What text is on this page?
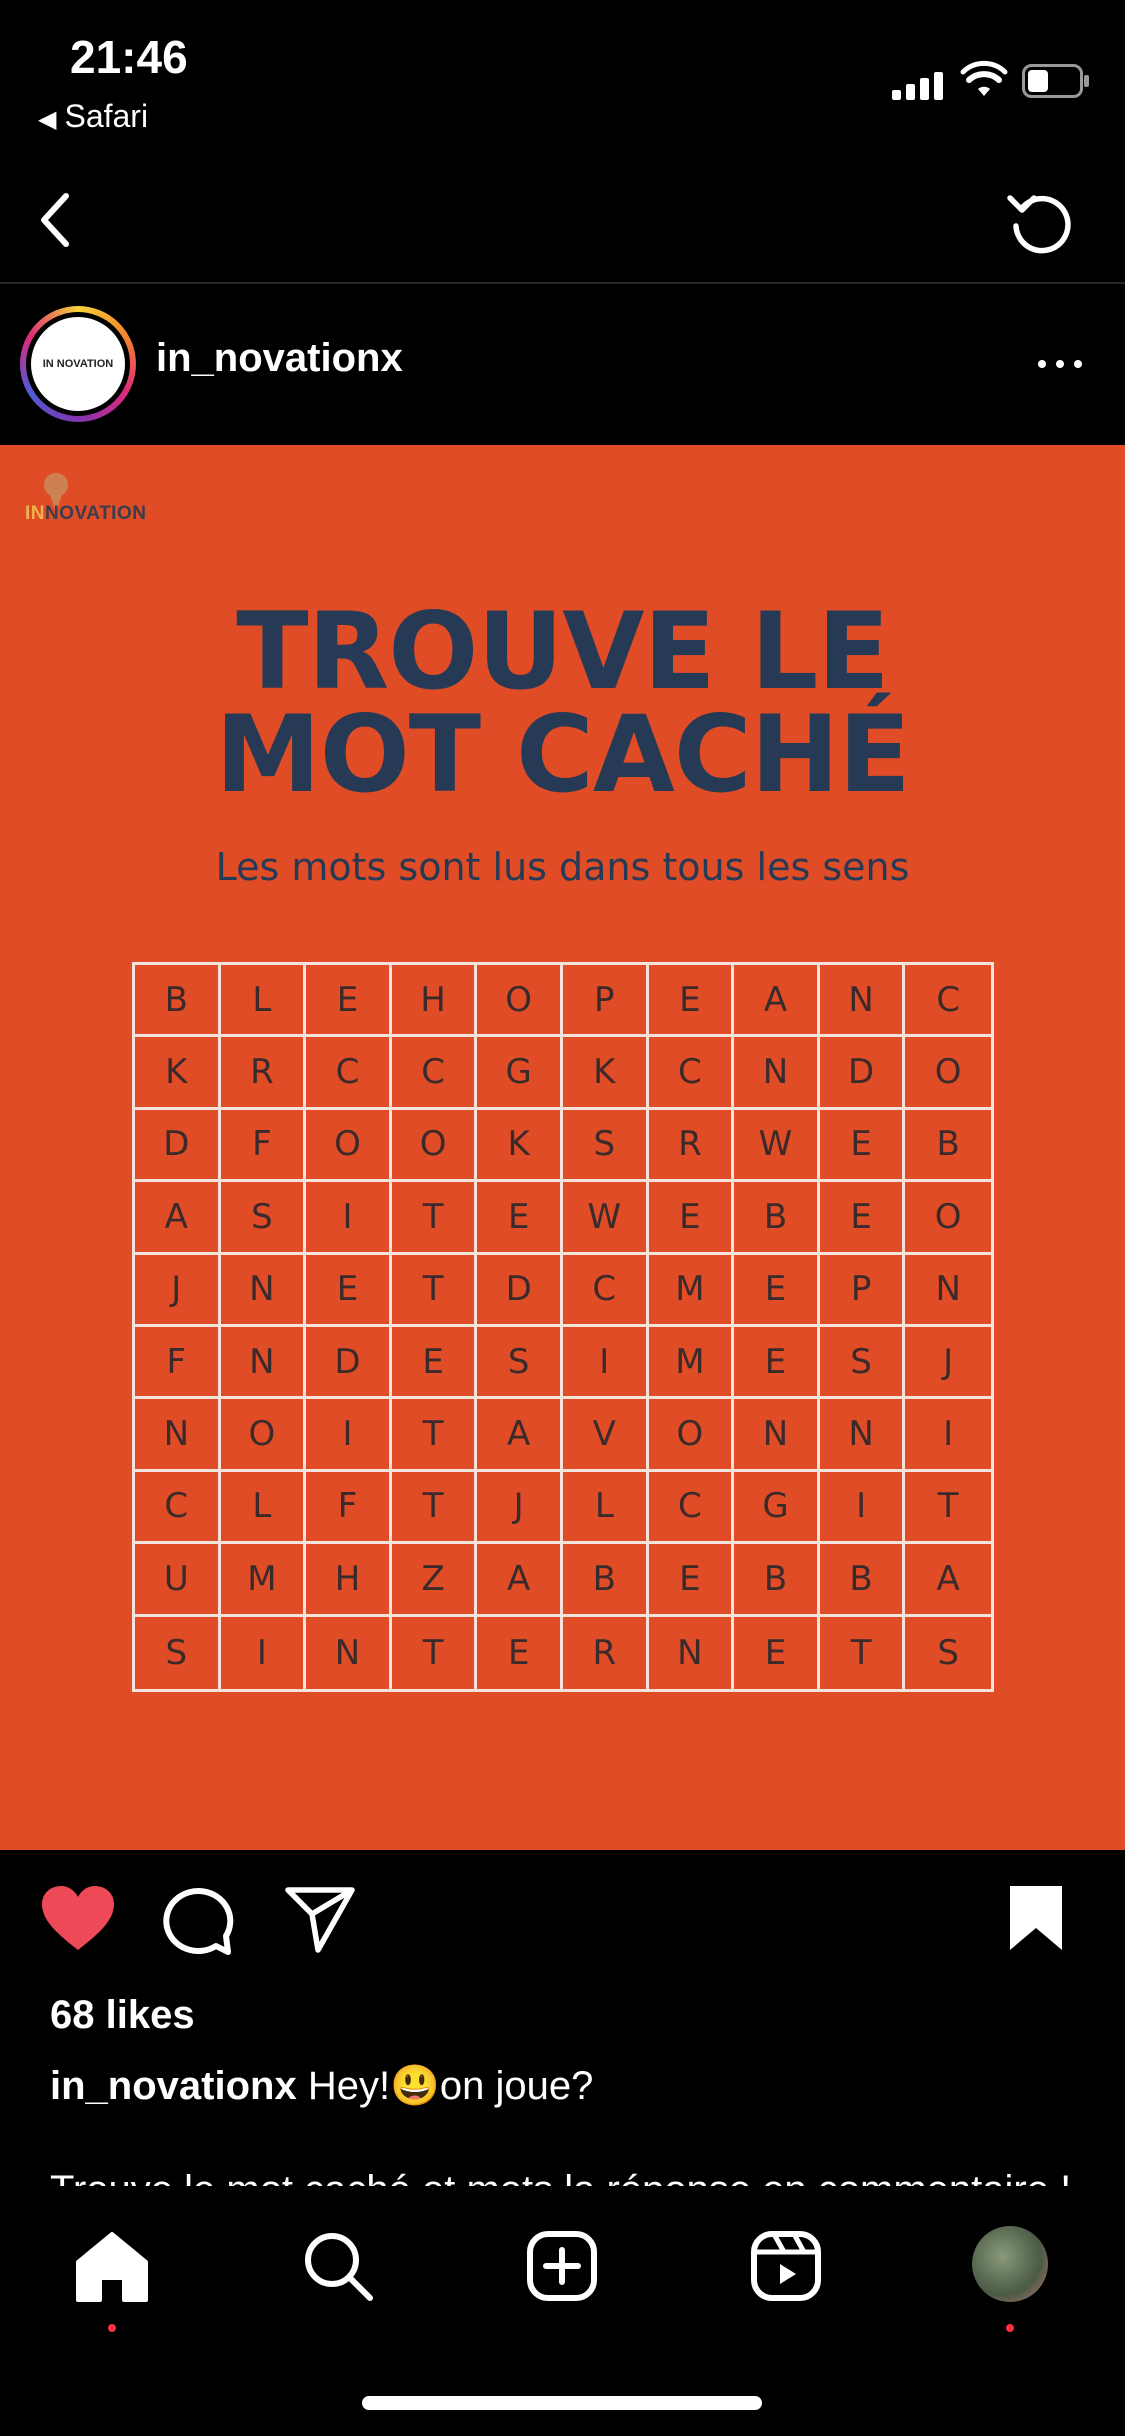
21:46
◀ Safari
IN NOVATION in_novationx
INNOVATION
TROUVE LE
MOT CACHÉ
Les mots sont lus dans tous les sens
B	L	E	H	O	P	E	A	N	C
K	R	C	C	G	K	C	N	D	O
D	F	O	O	K	S	R	W	E	B
A	S	I	T	E	W	E	B	E	O
J	N	E	T	D	C	M	E	P	N
F	N	D	E	S	I	M	E	S	J
N	O	I	T	A	V	O	N	N	I
C	L	F	T	J	L	C	G	I	T
U	M	H	Z	A	B	E	B	B	A
S	I	N	T	E	R	N	E	T	S
68 likes
in_novationx Hey!😃on joue?
